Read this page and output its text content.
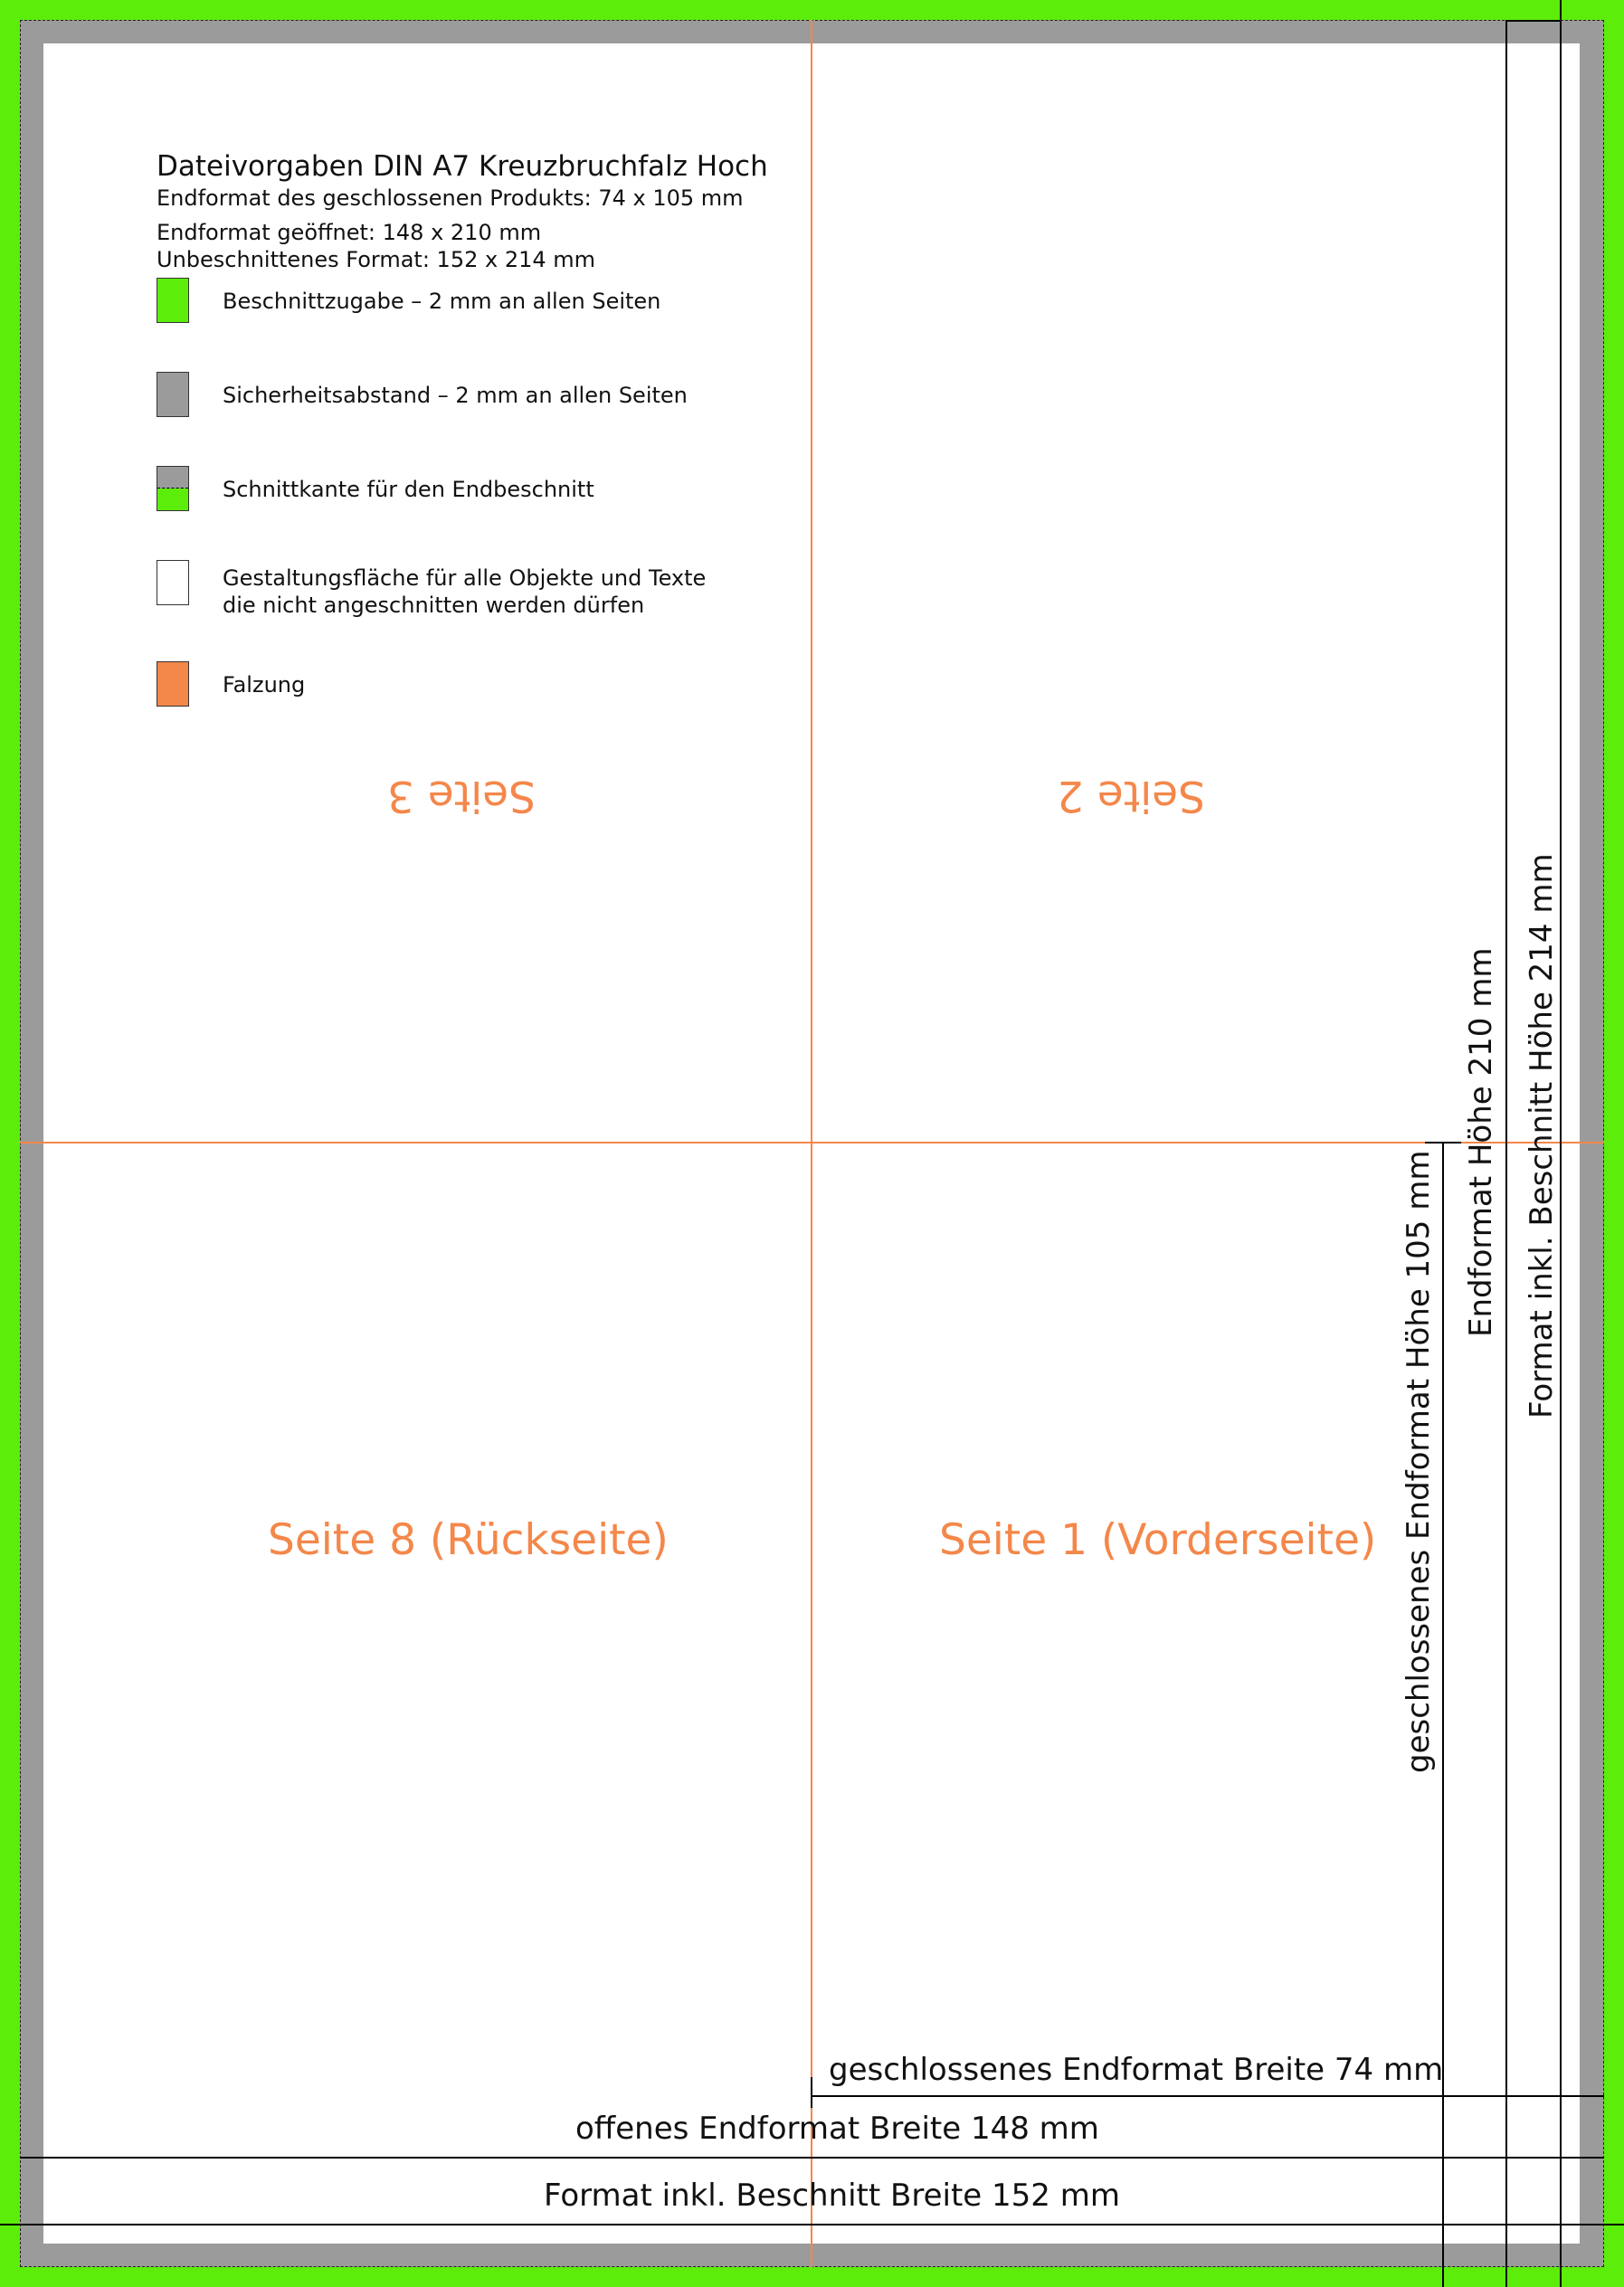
Dateivorgaben DIN A7 Kreuzbruchfalz Hoch
Endformat des geschlossenen Produkts: 74 x 105 mm
Endformat geöffnet: 148 x 210 mm
Unbeschnittenes Format: 152 x 214 mm
Beschnittzugabe – 2 mm an allen Seiten
Sicherheitsabstand – 2 mm an allen Seiten
Schnittkante für den Endbeschnitt
Gestaltungsfläche für alle Objekte und Texte
die nicht angeschnitten werden dürfen
Falzung
Seite 3	Seite 2
Seite 8 (Rückseite)	Seite 1 (Vorderseite) geschlossenes Endformat Höhe 105 mm
Endformat Höhe 210 mm Format inkl. Beschnitt Höhe 214 mm
geschlossenes Endformat Breite 74 mm
offenes Endformat Breite 148 mm
Format inkl. Beschnitt Breite 152 mm
